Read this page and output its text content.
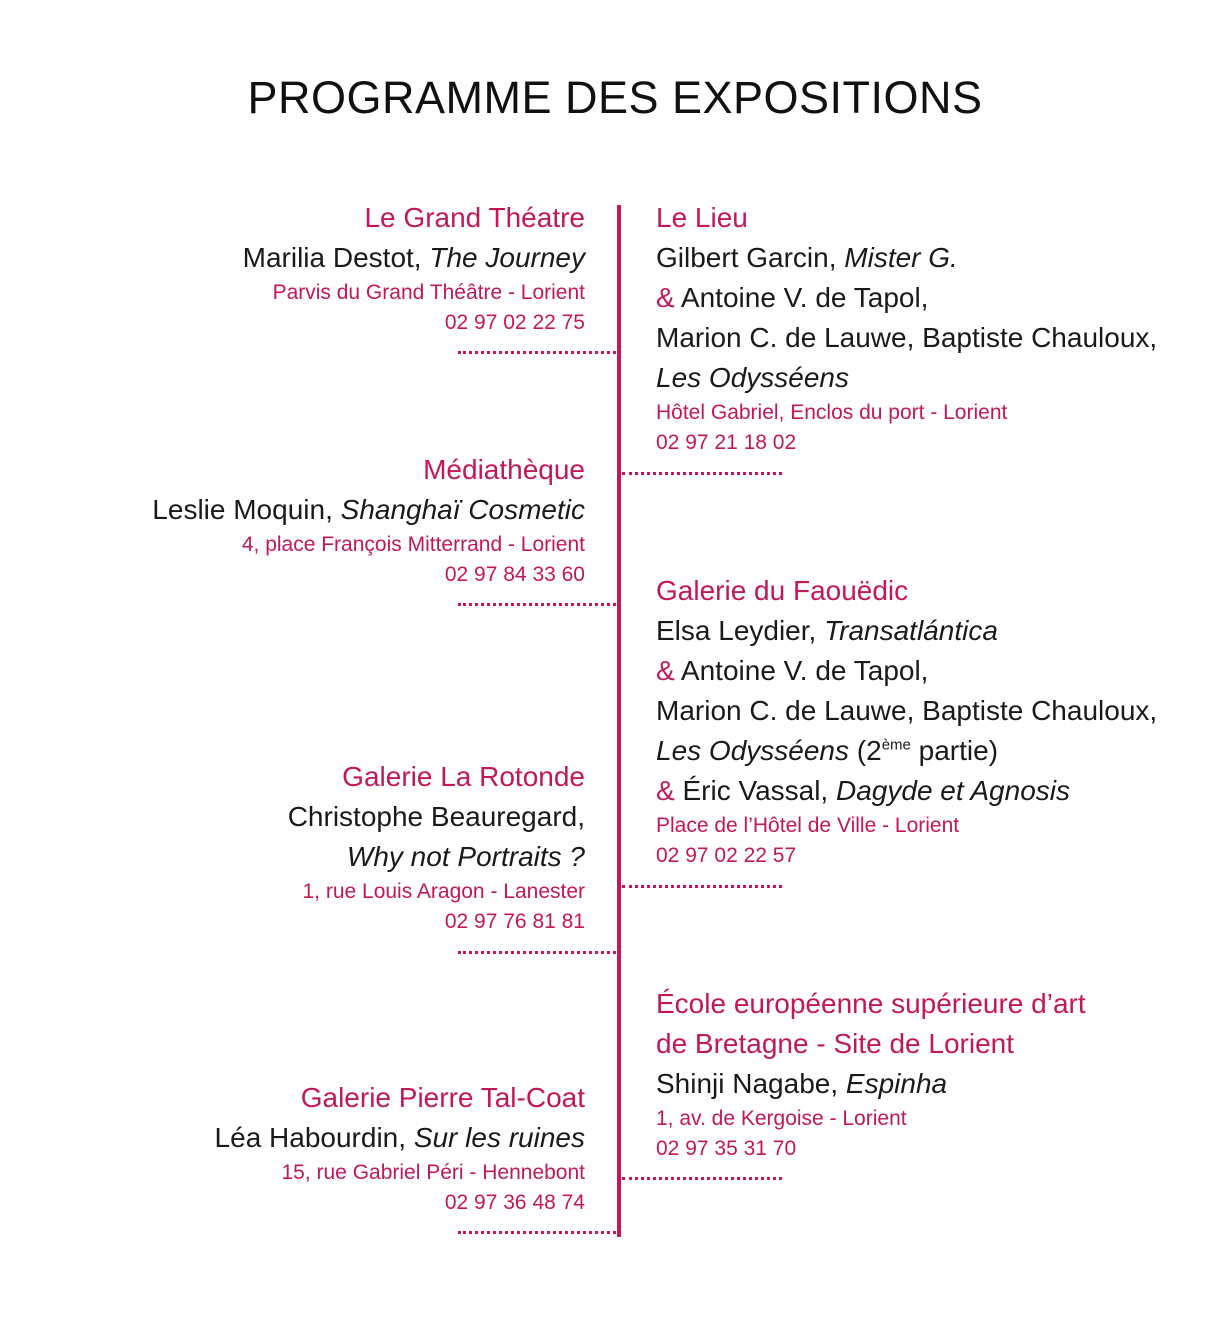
PROGRAMME DES EXPOSITIONS
Le Grand Théatre
Marilia Destot, The Journey
Parvis du Grand Théâtre - Lorient
02 97 02 22 75
Médiathèque
Leslie Moquin, Shanghaï Cosmetic
4, place François Mitterrand - Lorient
02 97 84 33 60
Galerie La Rotonde
Christophe Beauregard,
Why not Portraits ?
1, rue Louis Aragon - Lanester
02 97 76 81 81
Galerie Pierre Tal-Coat
Léa Habourdin, Sur les ruines
15, rue Gabriel Péri - Hennebont
02 97 36 48 74
Le Lieu
Gilbert Garcin, Mister G.
& Antoine V. de Tapol,
Marion C. de Lauwe, Baptiste Chauloux,
Les Odysséens
Hôtel Gabriel, Enclos du port - Lorient
02 97 21 18 02
Galerie du Faouëdic
Elsa Leydier, Transatlántica
& Antoine V. de Tapol,
Marion C. de Lauwe, Baptiste Chauloux,
Les Odysséens (2ème partie)
& Éric Vassal, Dagyde et Agnosis
Place de l’Hôtel de Ville - Lorient
02 97 02 22 57
École européenne supérieure d’art
de Bretagne - Site de Lorient
Shinji Nagabe, Espinha
1, av. de Kergoise - Lorient
02 97 35 31 70
